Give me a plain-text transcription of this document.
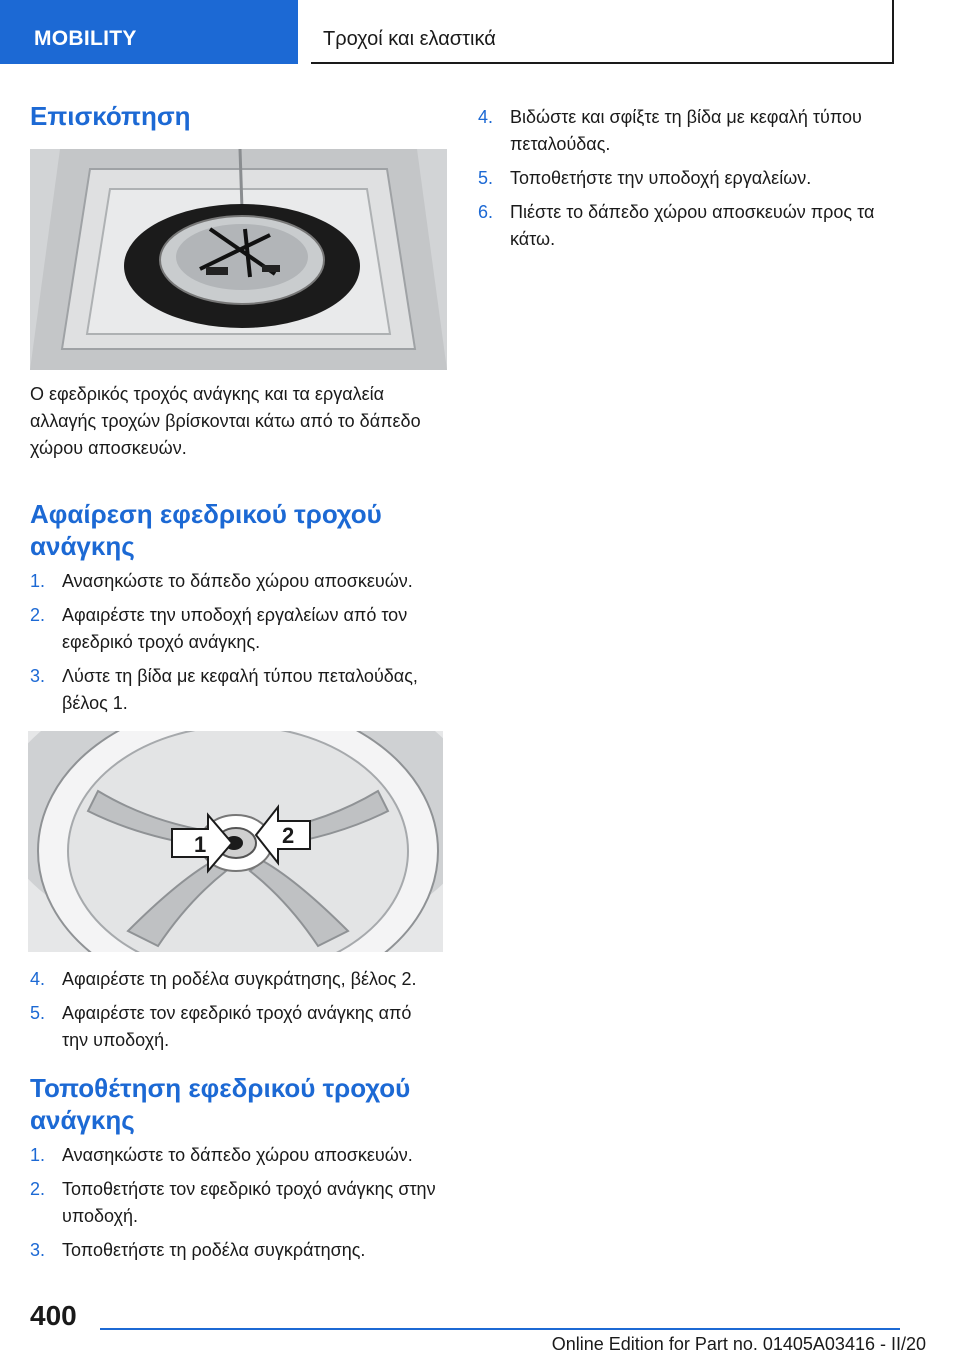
MOBILITY	Τροχοί και ελαστικά
Επισκόπηση

Ο εφεδρικός τροχός ανάγκης και τα εργαλεία αλλαγής τροχών βρίσκονται κάτω από το δάπεδο χώρου αποσκευών.

Αφαίρεση εφεδρικού τροχού ανάγκης
1. Ανασηκώστε το δάπεδο χώρου αποσκευών.
2. Αφαιρέστε την υποδοχή εργαλείων από τον εφεδρικό τροχό ανάγκης.
3. Λύστε τη βίδα με κεφαλή τύπου πεταλούδας, βέλος 1.
1	2
4. Αφαιρέστε τη ροδέλα συγκράτησης, βέλος 2.
5. Αφαιρέστε τον εφεδρικό τροχό ανάγκης από την υποδοχή.
Τοποθέτηση εφεδρικού τροχού ανάγκης
1. Ανασηκώστε το δάπεδο χώρου αποσκευών.
2. Τοποθετήστε τον εφεδρικό τροχό ανάγκης στην υποδοχή.
3. Τοποθετήστε τη ροδέλα συγκράτησης.
4. Βιδώστε και σφίξτε τη βίδα με κεφαλή τύπου πεταλούδας.
5. Τοποθετήστε την υποδοχή εργαλείων.
6. Πιέστε το δάπεδο χώρου αποσκευών προς τα κάτω.
400
Online Edition for Part no. 01405A03416 - II/20
